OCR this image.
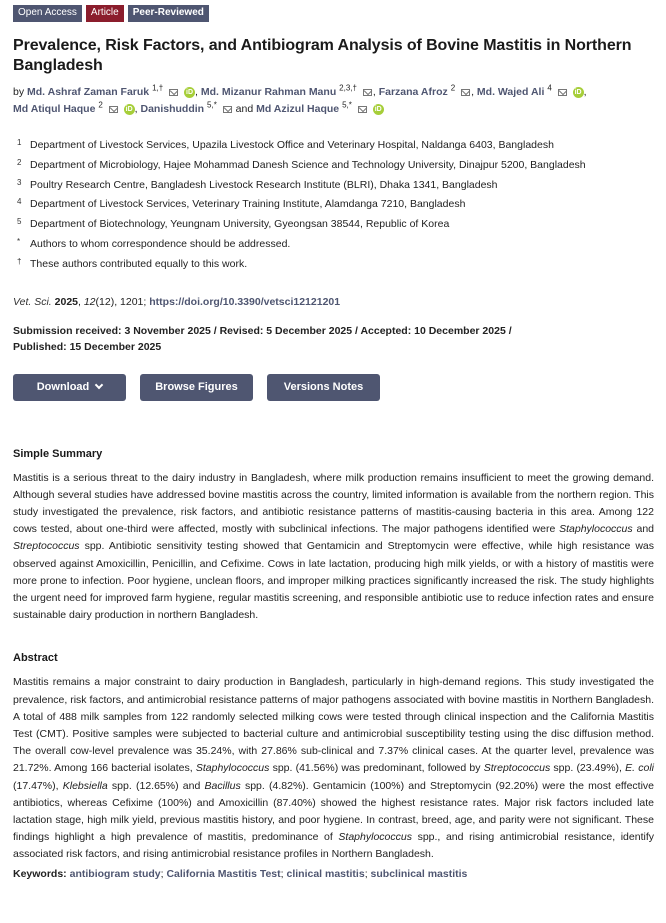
Open Access	Article	Peer-Reviewed
Prevalence, Risk Factors, and Antibiogram Analysis of Bovine Mastitis in Northern Bangladesh
by Md. Ashraf Zaman Faruk $^{1,\dagger}$	iD , Md. Mizanur Rahman Manu $^{2,3,\dagger}$ , Farzana Afroz $^2$ , Md. Wajed Ali $^4$	iD ,
Md Atiqul Haque $^2$	iD , Danishuddin $^{5,*}$ and Md Azizul Haque $^{5,*}$	iD
1 Department of Livestock Services, Upazila Livestock Office and Veterinary Hospital, Naldanga 6403, Bangladesh
2 Department of Microbiology, Hajee Mohammad Danesh Science and Technology University, Dinajpur 5200, Bangladesh
3 Poultry Research Centre, Bangladesh Livestock Research Institute (BLRI), Dhaka 1341, Bangladesh
4 Department of Livestock Services, Veterinary Training Institute, Alamdanga 7210, Bangladesh
5 Department of Biotechnology, Yeungnam University, Gyeongsan 38544, Republic of Korea
* Authors to whom correspondence should be addressed.
† These authors contributed equally to this work.
Vet. Sci. 2025, 12(12), 1201; https://doi.org/10.3390/vetsci12121201
Submission received: 3 November 2025 / Revised: 5 December 2025 / Accepted: 10 December 2025 /
Published: 15 December 2025
Download	Browse Figures	Versions Notes
Simple Summary

Mastitis is a serious threat to the dairy industry in Bangladesh, where milk production remains insufficient to meet the growing demand. Although several studies have addressed bovine mastitis across the country, limited information is available from the northern region. This study investigated the prevalence, risk factors, and antibiotic resistance patterns of mastitis-causing bacteria in this area. Among 122 cows tested, about one-third were affected, mostly with subclinical infections. The major pathogens identified were Staphylococcus and Streptococcus spp. Antibiotic sensitivity testing showed that Gentamicin and Streptomycin were effective, while high resistance was observed against Amoxicillin, Penicillin, and Cefixime. Cows in late lactation, producing high milk yields, or with a history of mastitis were more prone to infection. Poor hygiene, unclean floors, and improper milking practices significantly increased the risk. The study highlights the urgent need for improved farm hygiene, regular mastitis screening, and responsible antibiotic use to reduce infection rates and ensure sustainable dairy production in northern Bangladesh.

Abstract

Mastitis remains a major constraint to dairy production in Bangladesh, particularly in high-demand regions. This study investigated the prevalence, risk factors, and antimicrobial resistance patterns of major pathogens associated with bovine mastitis in Northern Bangladesh. A total of 488 milk samples from 122 randomly selected milking cows were tested through clinical inspection and the California Mastitis Test (CMT). Positive samples were subjected to bacterial culture and antimicrobial susceptibility testing using the disc diffusion method. The overall cow-level prevalence was 35.24%, with 27.86% sub-clinical and 7.37% clinical cases. At the quarter level, prevalence was 21.72%. Among 166 bacterial isolates, Staphylococcus spp. (41.56%) was predominant, followed by Streptococcus spp. (23.49%), E. coli (17.47%), Klebsiella spp. (12.65%) and Bacillus spp. (4.82%). Gentamicin (100%) and Streptomycin (92.20%) were the most effective antibiotics, whereas Cefixime (100%) and Amoxicillin (87.40%) showed the highest resistance rates. Major risk factors included late lactation stage, high milk yield, previous mastitis history, and poor hygiene. In contrast, breed, age, and parity were not significant. These findings highlight a high prevalence of mastitis, predominance of Staphylococcus spp., and rising antimicrobial resistance, identify associated risk factors, and rising antimicrobial resistance profiles in Northern Bangladesh.

Keywords: antibiogram study; California Mastitis Test; clinical mastitis; subclinical mastitis
